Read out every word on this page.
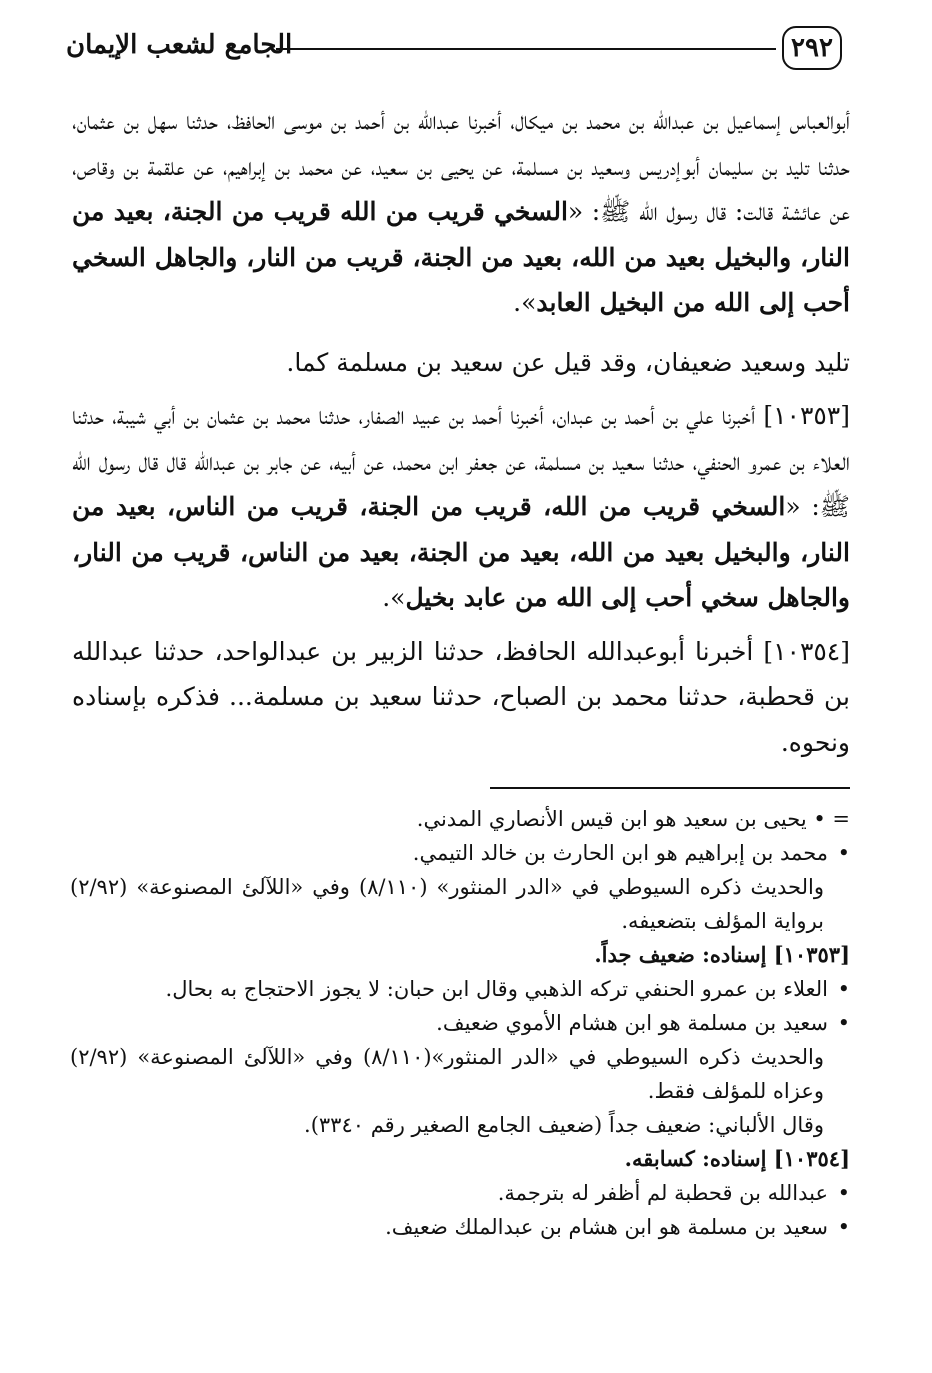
٢٩٢
الجامع لشعب الإيمان

أبوالعباس إسماعيل بن عبدالله بن محمد بن ميكال، أخبرنا عبدالله بن أحمد بن موسى الحافظ، حدثنا سهل بن عثمان، حدثنا تليد بن سليمان أبوإدريس وسعيد بن مسلمة، عن يحيى بن سعيد، عن محمد بن إبراهيم، عن علقمة بن وقاص، عن عائشة قالت: قال رسول الله ﷺ: «السخي قريب من الله قريب من الجنة، بعيد من النار، والبخيل بعيد من الله، بعيد من الجنة، قريب من النار، والجاهل السخي أحب إلى الله من البخيل العابد».

تليد وسعيد ضعيفان، وقد قيل عن سعيد بن مسلمة كما.

[١٠٣٥٣] أخبرنا علي بن أحمد بن عبدان، أخبرنا أحمد بن عبيد الصفار، حدثنا محمد بن عثمان بن أبي شيبة، حدثنا العلاء بن عمرو الحنفي، حدثنا سعيد بن مسلمة، عن جعفر ابن محمد، عن أبيه، عن جابر بن عبدالله قال قال رسول الله ﷺ: «السخي قريب من الله، قريب من الجنة، قريب من الناس، بعيد من النار، والبخيل بعيد من الله، بعيد من الجنة، بعيد من الناس، قريب من النار، والجاهل سخي أحب إلى الله من عابد بخيل».

[١٠٣٥٤] أخبرنا أبوعبدالله الحافظ، حدثنا الزبير بن عبدالواحد، حدثنا عبدالله بن قحطبة، حدثنا محمد بن الصباح، حدثنا سعيد بن مسلمة... فذكره بإسناده ونحوه.

= • يحيى بن سعيد هو ابن قيس الأنصاري المدني.

•محمد بن إبراهيم هو ابن الحارث بن خالد التيمي.

والحديث ذكره السيوطي في «الدر المنثور» (٨/١١٠) وفي «اللآلئ المصنوعة» (٢/٩٢) برواية المؤلف بتضعيفه.

[١٠٣٥٣] إسناده: ضعيف جداً.

•العلاء بن عمرو الحنفي تركه الذهبي وقال ابن حبان: لا يجوز الاحتجاج به بحال.

•سعيد بن مسلمة هو ابن هشام الأموي ضعيف.

والحديث ذكره السيوطي في «الدر المنثور»(٨/١١٠) وفي «اللآلئ المصنوعة» (٢/٩٢) وعزاه للمؤلف فقط.

وقال الألباني: ضعيف جداً (ضعيف الجامع الصغير رقم ٣٣٤٠).

[١٠٣٥٤] إسناده: كسابقه.

•عبدالله بن قحطبة لم أظفر له بترجمة.

•سعيد بن مسلمة هو ابن هشام بن عبدالملك ضعيف.
